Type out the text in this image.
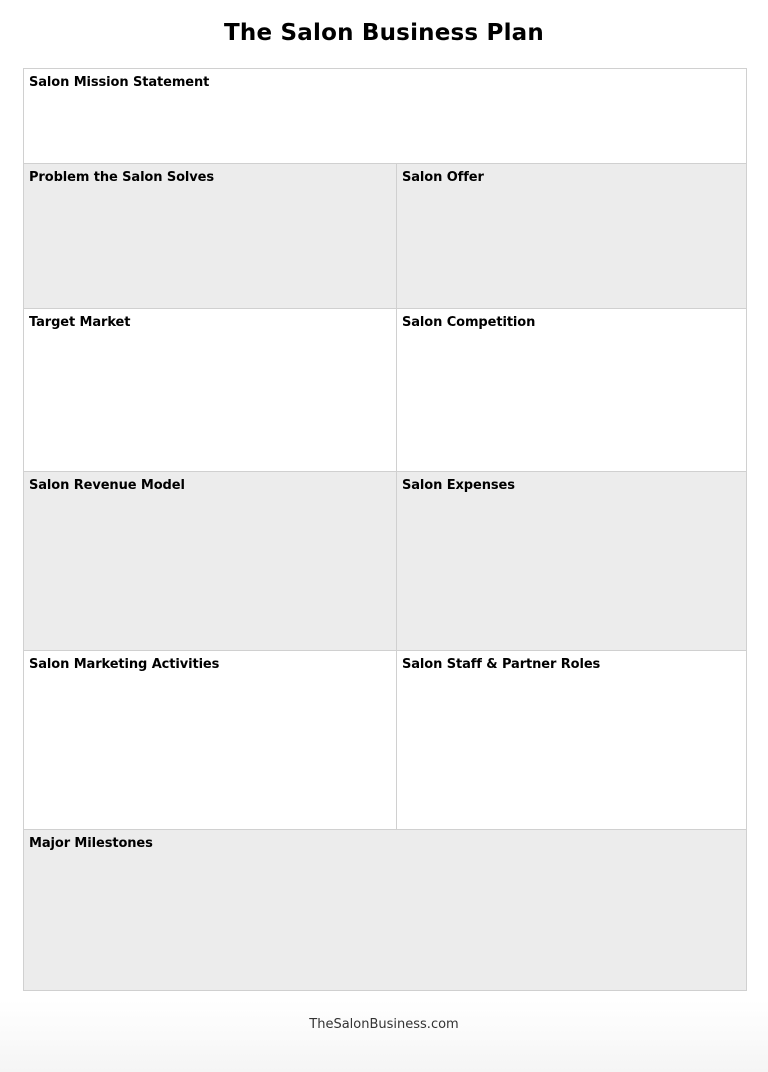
The Salon Business Plan
Salon Mission Statement
Problem the Salon Solves	Salon Offer
Target Market	Salon Competition
Salon Revenue Model	Salon Expenses
Salon Marketing Activities	Salon Staff & Partner Roles
Major Milestones
TheSalonBusiness.com
